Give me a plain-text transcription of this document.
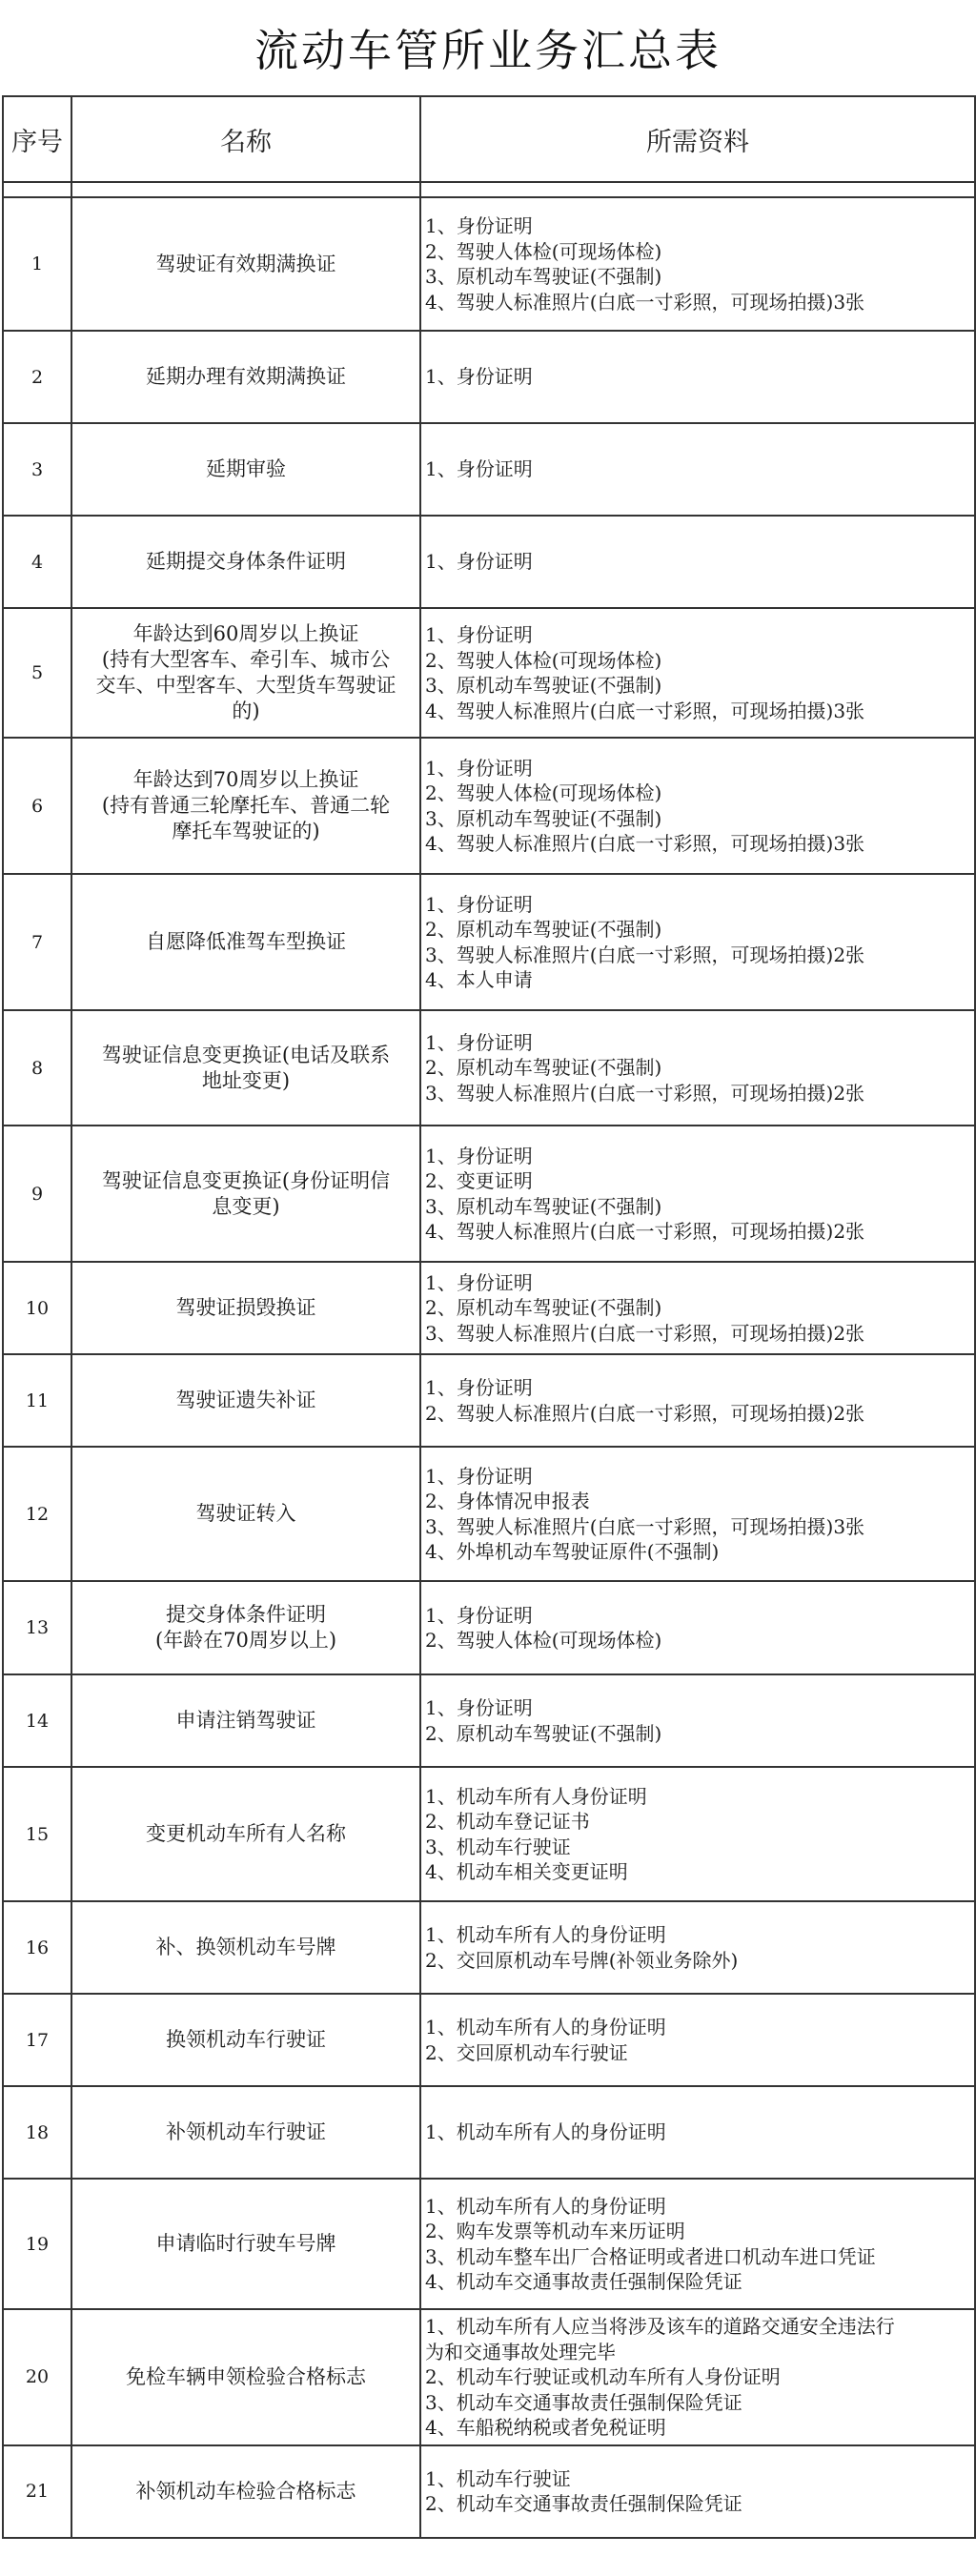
流动车管所业务汇总表
序号	名称	所需资料

1	驾驶证有效期满换证	1、身份证明
2、驾驶人体检(可现场体检)
3、原机动车驾驶证(不强制)
4、驾驶人标准照片(白底一寸彩照，可现场拍摄)3张

2	延期办理有效期满换证	1、身份证明

3	延期审验	1、身份证明

4	延期提交身体条件证明	1、身份证明

5	年龄达到60周岁以上换证
(持有大型客车、牵引车、城市公
交车、中型客车、大型货车驾驶证
的)	1、身份证明
2、驾驶人体检(可现场体检)
3、原机动车驾驶证(不强制)
4、驾驶人标准照片(白底一寸彩照，可现场拍摄)3张

6	年龄达到70周岁以上换证
(持有普通三轮摩托车、普通二轮
摩托车驾驶证的)	1、身份证明
2、驾驶人体检(可现场体检)
3、原机动车驾驶证(不强制)
4、驾驶人标准照片(白底一寸彩照，可现场拍摄)3张

7	自愿降低准驾车型换证	1、身份证明
2、原机动车驾驶证(不强制)
3、驾驶人标准照片(白底一寸彩照，可现场拍摄)2张
4、本人申请

8	驾驶证信息变更换证(电话及联系
地址变更)	1、身份证明
2、原机动车驾驶证(不强制)
3、驾驶人标准照片(白底一寸彩照，可现场拍摄)2张

9	驾驶证信息变更换证(身份证明信
息变更)	1、身份证明
2、变更证明
3、原机动车驾驶证(不强制)
4、驾驶人标准照片(白底一寸彩照，可现场拍摄)2张

10	驾驶证损毁换证	1、身份证明
2、原机动车驾驶证(不强制)
3、驾驶人标准照片(白底一寸彩照，可现场拍摄)2张

11	驾驶证遗失补证	1、身份证明
2、驾驶人标准照片(白底一寸彩照，可现场拍摄)2张

12	驾驶证转入	1、身份证明
2、身体情况申报表
3、驾驶人标准照片(白底一寸彩照，可现场拍摄)3张
4、外埠机动车驾驶证原件(不强制)

13	提交身体条件证明
(年龄在70周岁以上)	1、身份证明
2、驾驶人体检(可现场体检)

14	申请注销驾驶证	1、身份证明
2、原机动车驾驶证(不强制)

15	变更机动车所有人名称	1、机动车所有人身份证明
2、机动车登记证书
3、机动车行驶证
4、机动车相关变更证明

16	补、换领机动车号牌	1、机动车所有人的身份证明
2、交回原机动车号牌(补领业务除外)

17	换领机动车行驶证	1、机动车所有人的身份证明
2、交回原机动车行驶证

18	补领机动车行驶证	1、机动车所有人的身份证明

19	申请临时行驶车号牌	1、机动车所有人的身份证明
2、购车发票等机动车来历证明
3、机动车整车出厂合格证明或者进口机动车进口凭证
4、机动车交通事故责任强制保险凭证

20	免检车辆申领检验合格标志	1、机动车所有人应当将涉及该车的道路交通安全违法行
为和交通事故处理完毕
2、机动车行驶证或机动车所有人身份证明
3、机动车交通事故责任强制保险凭证
4、车船税纳税或者免税证明

21	补领机动车检验合格标志	1、机动车行驶证
2、机动车交通事故责任强制保险凭证
